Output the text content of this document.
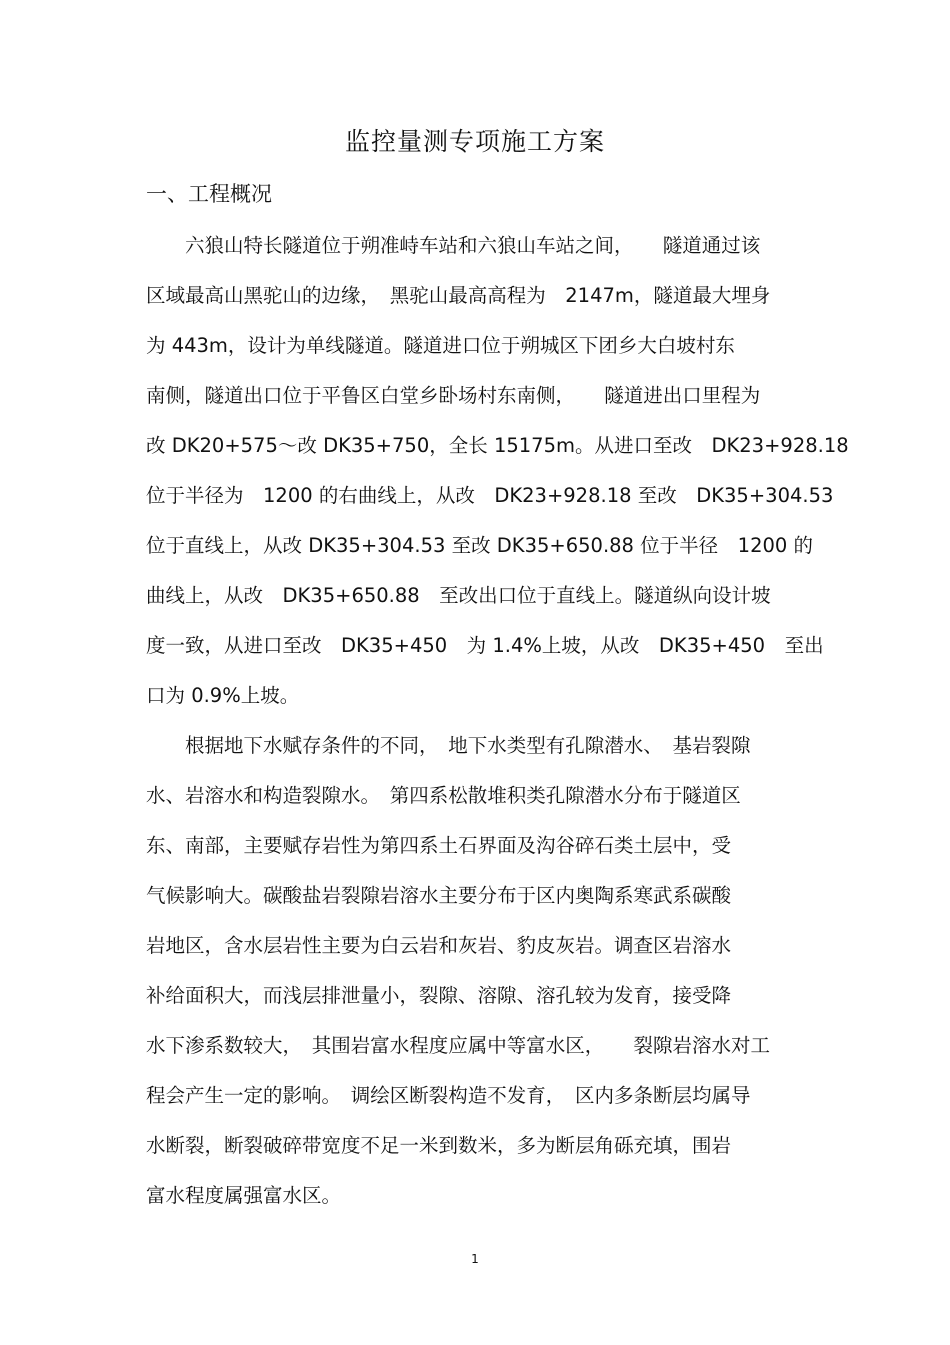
监控量测专项施工方案
一、工程概况
　　六狼山特长隧道位于朔准峙车站和六狼山车站之间，　　隧道通过该
区域最高山黑驼山的边缘，　黑驼山最高高程为　2147m，隧道最大埋身
为 443m，设计为单线隧道。隧道进口位于朔城区下团乡大白坡村东
南侧，隧道出口位于平鲁区白堂乡卧场村东南侧，　　隧道进出口里程为
改 DK20+575～改 DK35+750，全长 15175m。从进口至改　DK23+928.18
位于半径为　1200 的右曲线上，从改　DK23+928.18 至改　DK35+304.53
位于直线上，从改 DK35+304.53 至改 DK35+650.88 位于半径　1200 的
曲线上，从改　DK35+650.88　至改出口位于直线上。隧道纵向设计坡
度一致，从进口至改　DK35+450　为 1.4%上坡，从改　DK35+450　至出
口为 0.9%上坡。
　　根据地下水赋存条件的不同，　地下水类型有孔隙潜水、　基岩裂隙
水、岩溶水和构造裂隙水。　第四系松散堆积类孔隙潜水分布于隧道区
东、南部，主要赋存岩性为第四系土石界面及沟谷碎石类土层中，受
气候影响大。碳酸盐岩裂隙岩溶水主要分布于区内奥陶系寒武系碳酸
岩地区，含水层岩性主要为白云岩和灰岩、豹皮灰岩。调查区岩溶水
补给面积大，而浅层排泄量小，裂隙、溶隙、溶孔较为发育，接受降
水下渗系数较大，　其围岩富水程度应属中等富水区，　　裂隙岩溶水对工
程会产生一定的影响。　调绘区断裂构造不发育，　区内多条断层均属导
水断裂，断裂破碎带宽度不足一米到数米，多为断层角砾充填，围岩
富水程度属强富水区。
1
